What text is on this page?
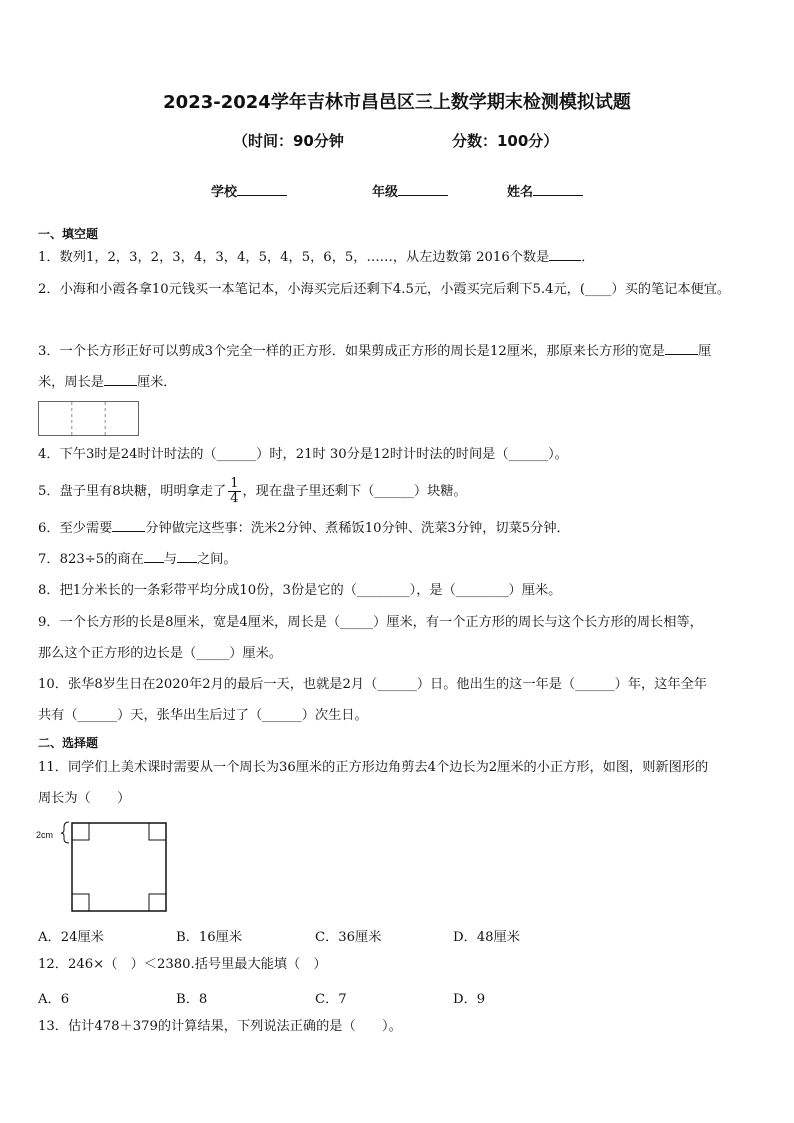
2023-2024学年吉林市昌邑区三上数学期末检测模拟试题
（时间：90分钟	分数：100分）
学校	年级	姓名
一、填空题
1．数列1，2，3，2，3，4，3，4，5，4，5，6，5，……，从左边数第 2016个数是 ．
2．小海和小霞各拿10元钱买一本笔记本，小海买完后还剩下4.5元，小霞买完后剩下5.4元，(____）买的笔记本便宜。
3．一个长方形正好可以剪成3个完全一样的正方形．如果剪成正方形的周长是12厘米，那原来长方形的宽是	厘
米，周长是	厘米．
4．下午3时是24时计时法的（______）时，21时 30分是12时计时法的时间是（______）。
5．盘子里有8块糖，明明拿走了 $\frac{1}{4}$ ，现在盘子里还剩下（______）块糖。
6．至少需要	分钟做完这些事：洗米2分钟、煮稀饭10分钟、洗菜3分钟，切菜5分钟．
7．823÷5的商在 与 之间。
8．把1分米长的一条彩带平均分成10份，3份是它的（________），是（________）厘米。
9．一个长方形的长是8厘米，宽是4厘米，周长是（_____）厘米，有一个正方形的周长与这个长方形的周长相等，
那么这个正方形的边长是（_____）厘米。
10．张华8岁生日在2020年2月的最后一天，也就是2月（______）日。他出生的这一年是（______）年，这年全年
共有（______）天，张华出生后过了（______）次生日。
二、选择题
11．同学们上美术课时需要从一个周长为36厘米的正方形边角剪去4个边长为2厘米的小正方形，如图，则新图形的
周长为（　　）
2cm
A．24厘米	B．16厘米	C．36厘米	D．48厘米
12．246×（　）＜2380.括号里最大能填（　）
A．6	B．8	C．7	D．9
13．估计478＋379的计算结果，下列说法正确的是（　　）。
